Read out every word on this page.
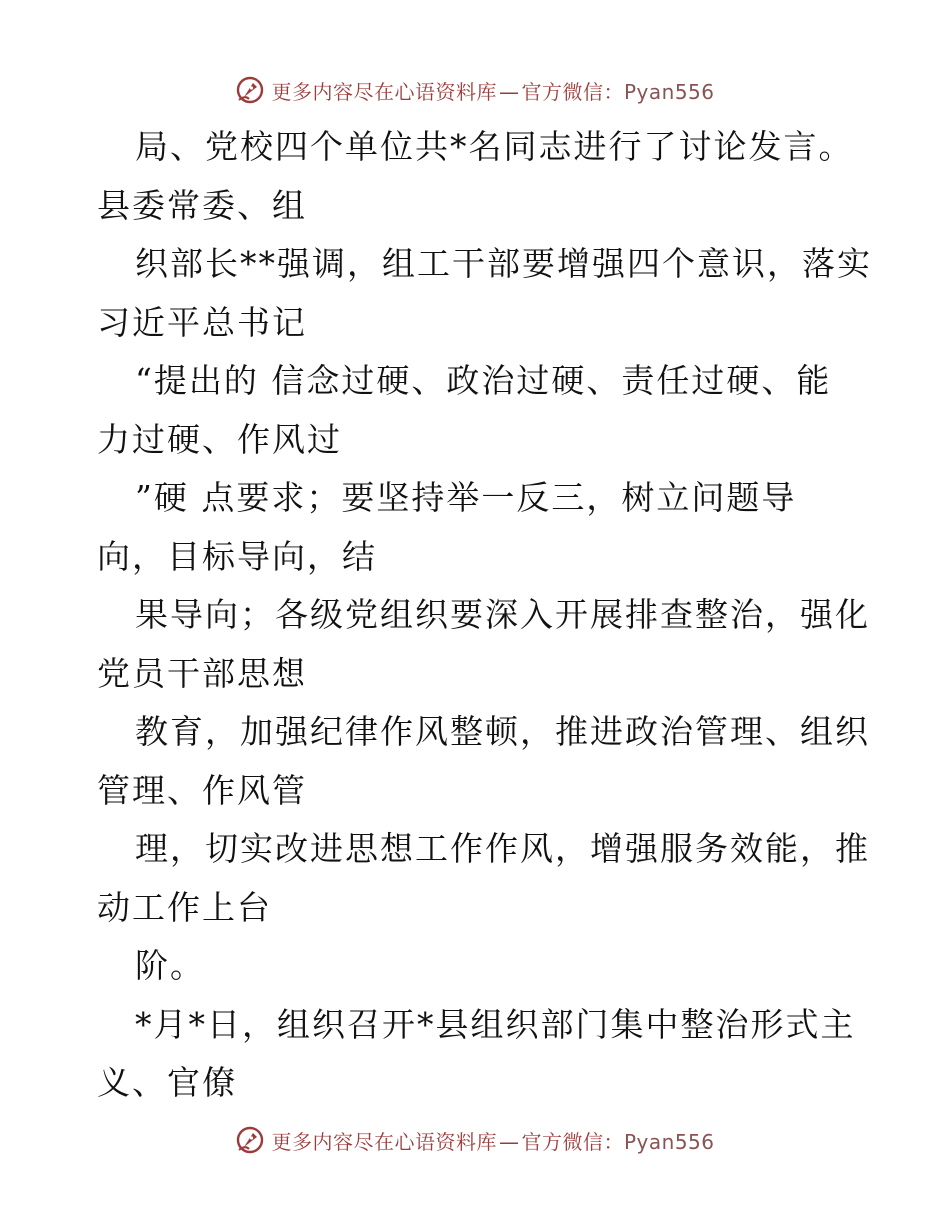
更多内容尽在心语资料库 — 官方微信：Pyan556
局、党校四个单位共*名同志进行了讨论发言。
县委常委、组
织部长**强调，组工干部要增强四个意识，落实
习近平总书记
“提出的 信念过硬、政治过硬、责任过硬、能
力过硬、作风过
”硬 点要求；要坚持举一反三，树立问题导
向，目标导向，结
果导向；各级党组织要深入开展排查整治，强化
党员干部思想
教育，加强纪律作风整顿，推进政治管理、组织
管理、作风管
理，切实改进思想工作作风，增强服务效能，推
动工作上台
阶。
*月*日，组织召开*县组织部门集中整治形式主
义、官僚
更多内容尽在心语资料库 — 官方微信：Pyan556
